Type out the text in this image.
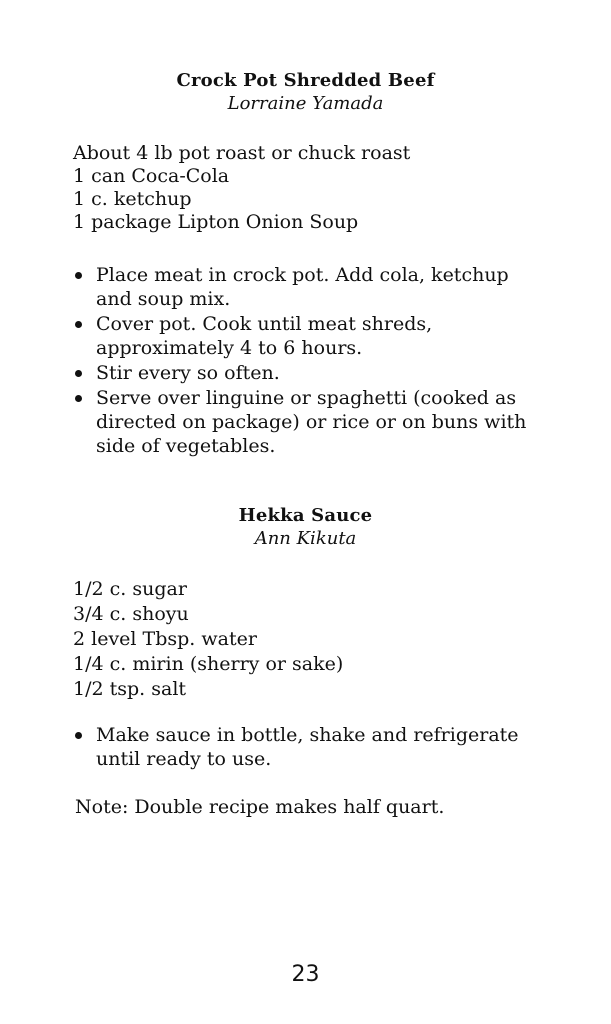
Crock Pot Shredded Beef
Lorraine Yamada
About 4 lb pot roast or chuck roast
1 can Coca-Cola
1 c. ketchup
1 package Lipton Onion Soup
Place meat in crock pot. Add cola, ketchup and soup mix.
Cover pot. Cook until meat shreds, approximately 4 to 6 hours.
Stir every so often.
Serve over linguine or spaghetti (cooked as directed on package) or rice or on buns with side of vegetables.
Hekka Sauce
Ann Kikuta
1/2 c. sugar
3/4 c. shoyu
2 level Tbsp. water
1/4 c. mirin (sherry or sake)
1/2 tsp. salt
Make sauce in bottle, shake and refrigerate until ready to use.
Note: Double recipe makes half quart.
23
